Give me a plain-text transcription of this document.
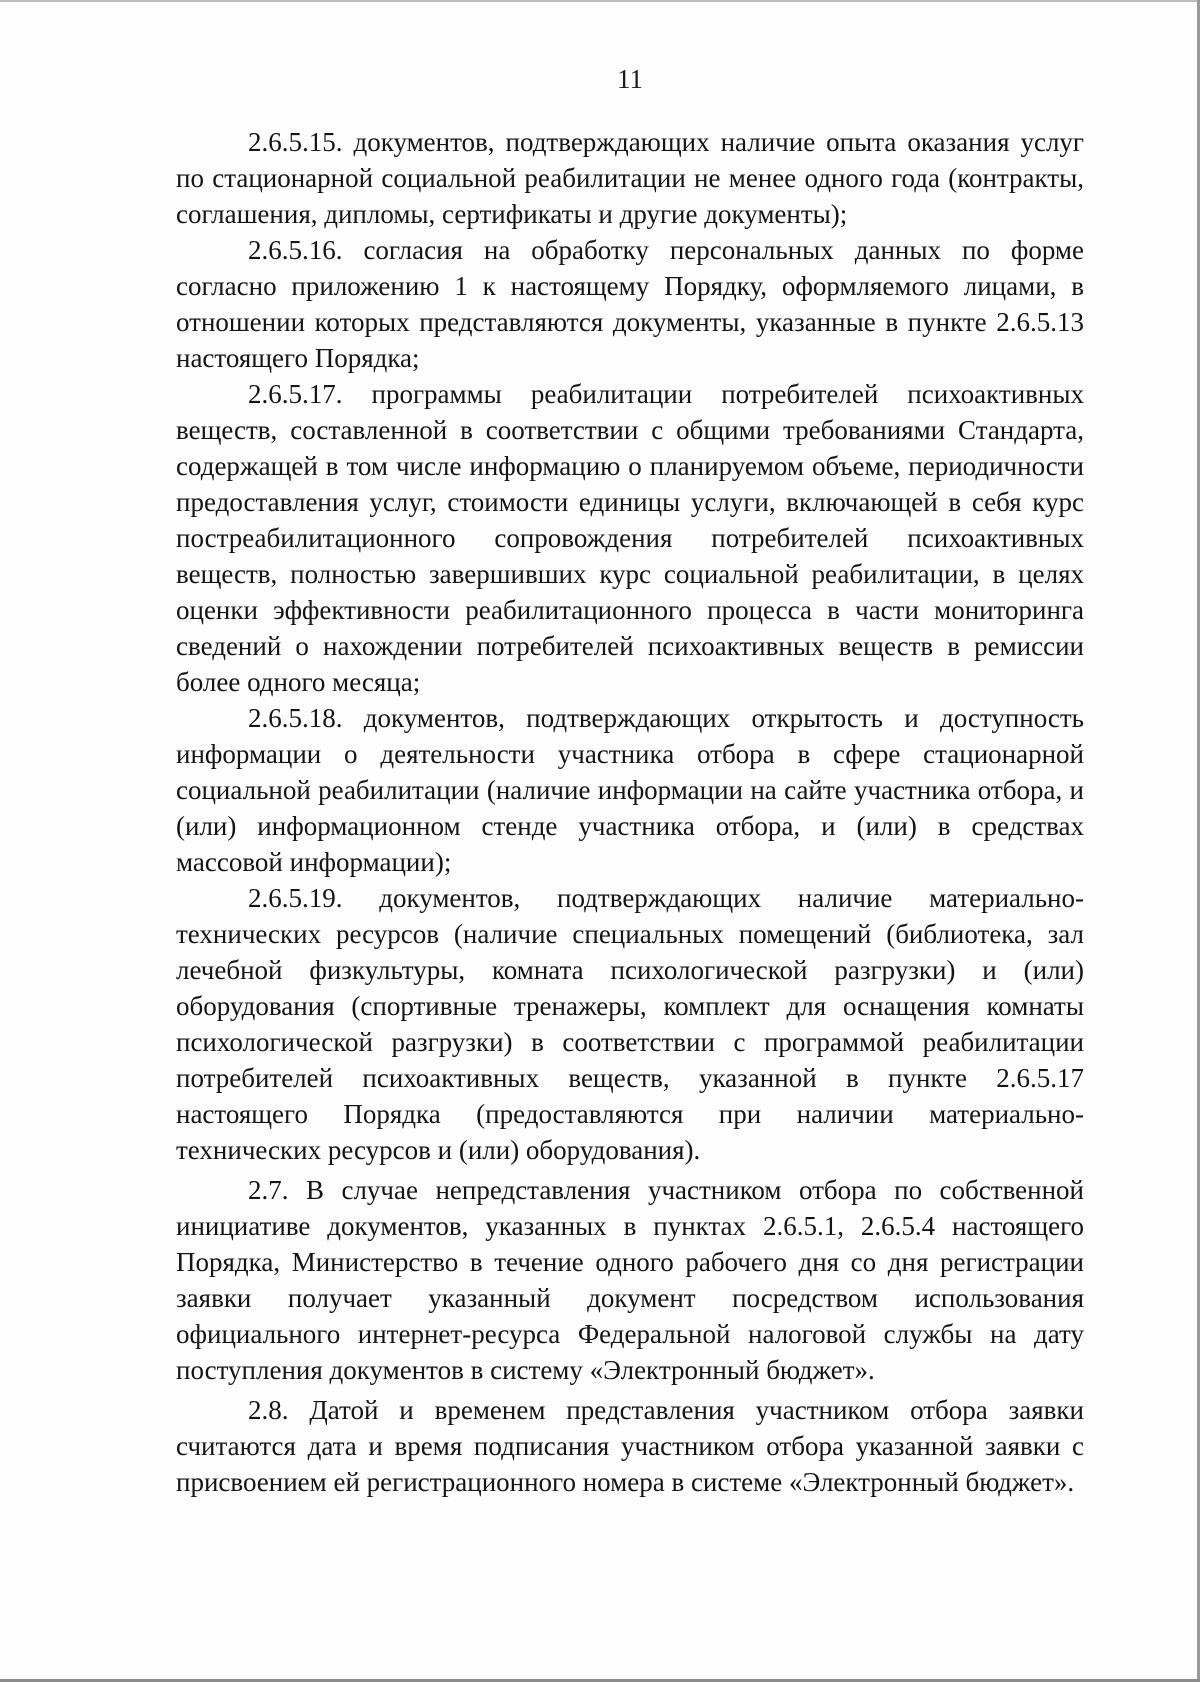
11

2.6.5.15. документов, подтверждающих наличие опыта оказания услуг по стационарной социальной реабилитации не менее одного года (контракты, соглашения, дипломы, сертификаты и другие документы);

2.6.5.16. согласия на обработку персональных данных по форме согласно приложению 1 к настоящему Порядку, оформляемого лицами, в отношении которых представляются документы, указанные в пункте 2.6.5.13 настоящего Порядка;

2.6.5.17. программы реабилитации потребителей психоактивных веществ, составленной в соответствии с общими требованиями Стандарта, содержащей в том числе информацию о планируемом объеме, периодичности предоставления услуг, стоимости единицы услуги, включающей в себя курс постреабилитационного сопровождения потребителей психоактивных веществ, полностью завершивших курс социальной реабилитации, в целях оценки эффективности реабилитационного процесса в части мониторинга сведений о нахождении потребителей психоактивных веществ в ремиссии более одного месяца;

2.6.5.18. документов, подтверждающих открытость и доступность информации о деятельности участника отбора в сфере стационарной социальной реабилитации (наличие информации на сайте участника отбора, и (или) информационном стенде участника отбора, и (или) в средствах массовой информации);

2.6.5.19. документов, подтверждающих наличие материально-технических ресурсов (наличие специальных помещений (библиотека, зал лечебной физкультуры, комната психологической разгрузки) и (или) оборудования (спортивные тренажеры, комплект для оснащения комнаты психологической разгрузки) в соответствии с программой реабилитации потребителей психоактивных веществ, указанной в пункте 2.6.5.17 настоящего Порядка (предоставляются при наличии материально-технических ресурсов и (или) оборудования).

2.7. В случае непредставления участником отбора по собственной инициативе документов, указанных в пунктах 2.6.5.1, 2.6.5.4 настоящего Порядка, Министерство в течение одного рабочего дня со дня регистрации заявки получает указанный документ посредством использования официального интернет-ресурса Федеральной налоговой службы на дату поступления документов в систему «Электронный бюджет».

2.8. Датой и временем представления участником отбора заявки считаются дата и время подписания участником отбора указанной заявки с присвоением ей регистрационного номера в системе «Электронный бюджет».
